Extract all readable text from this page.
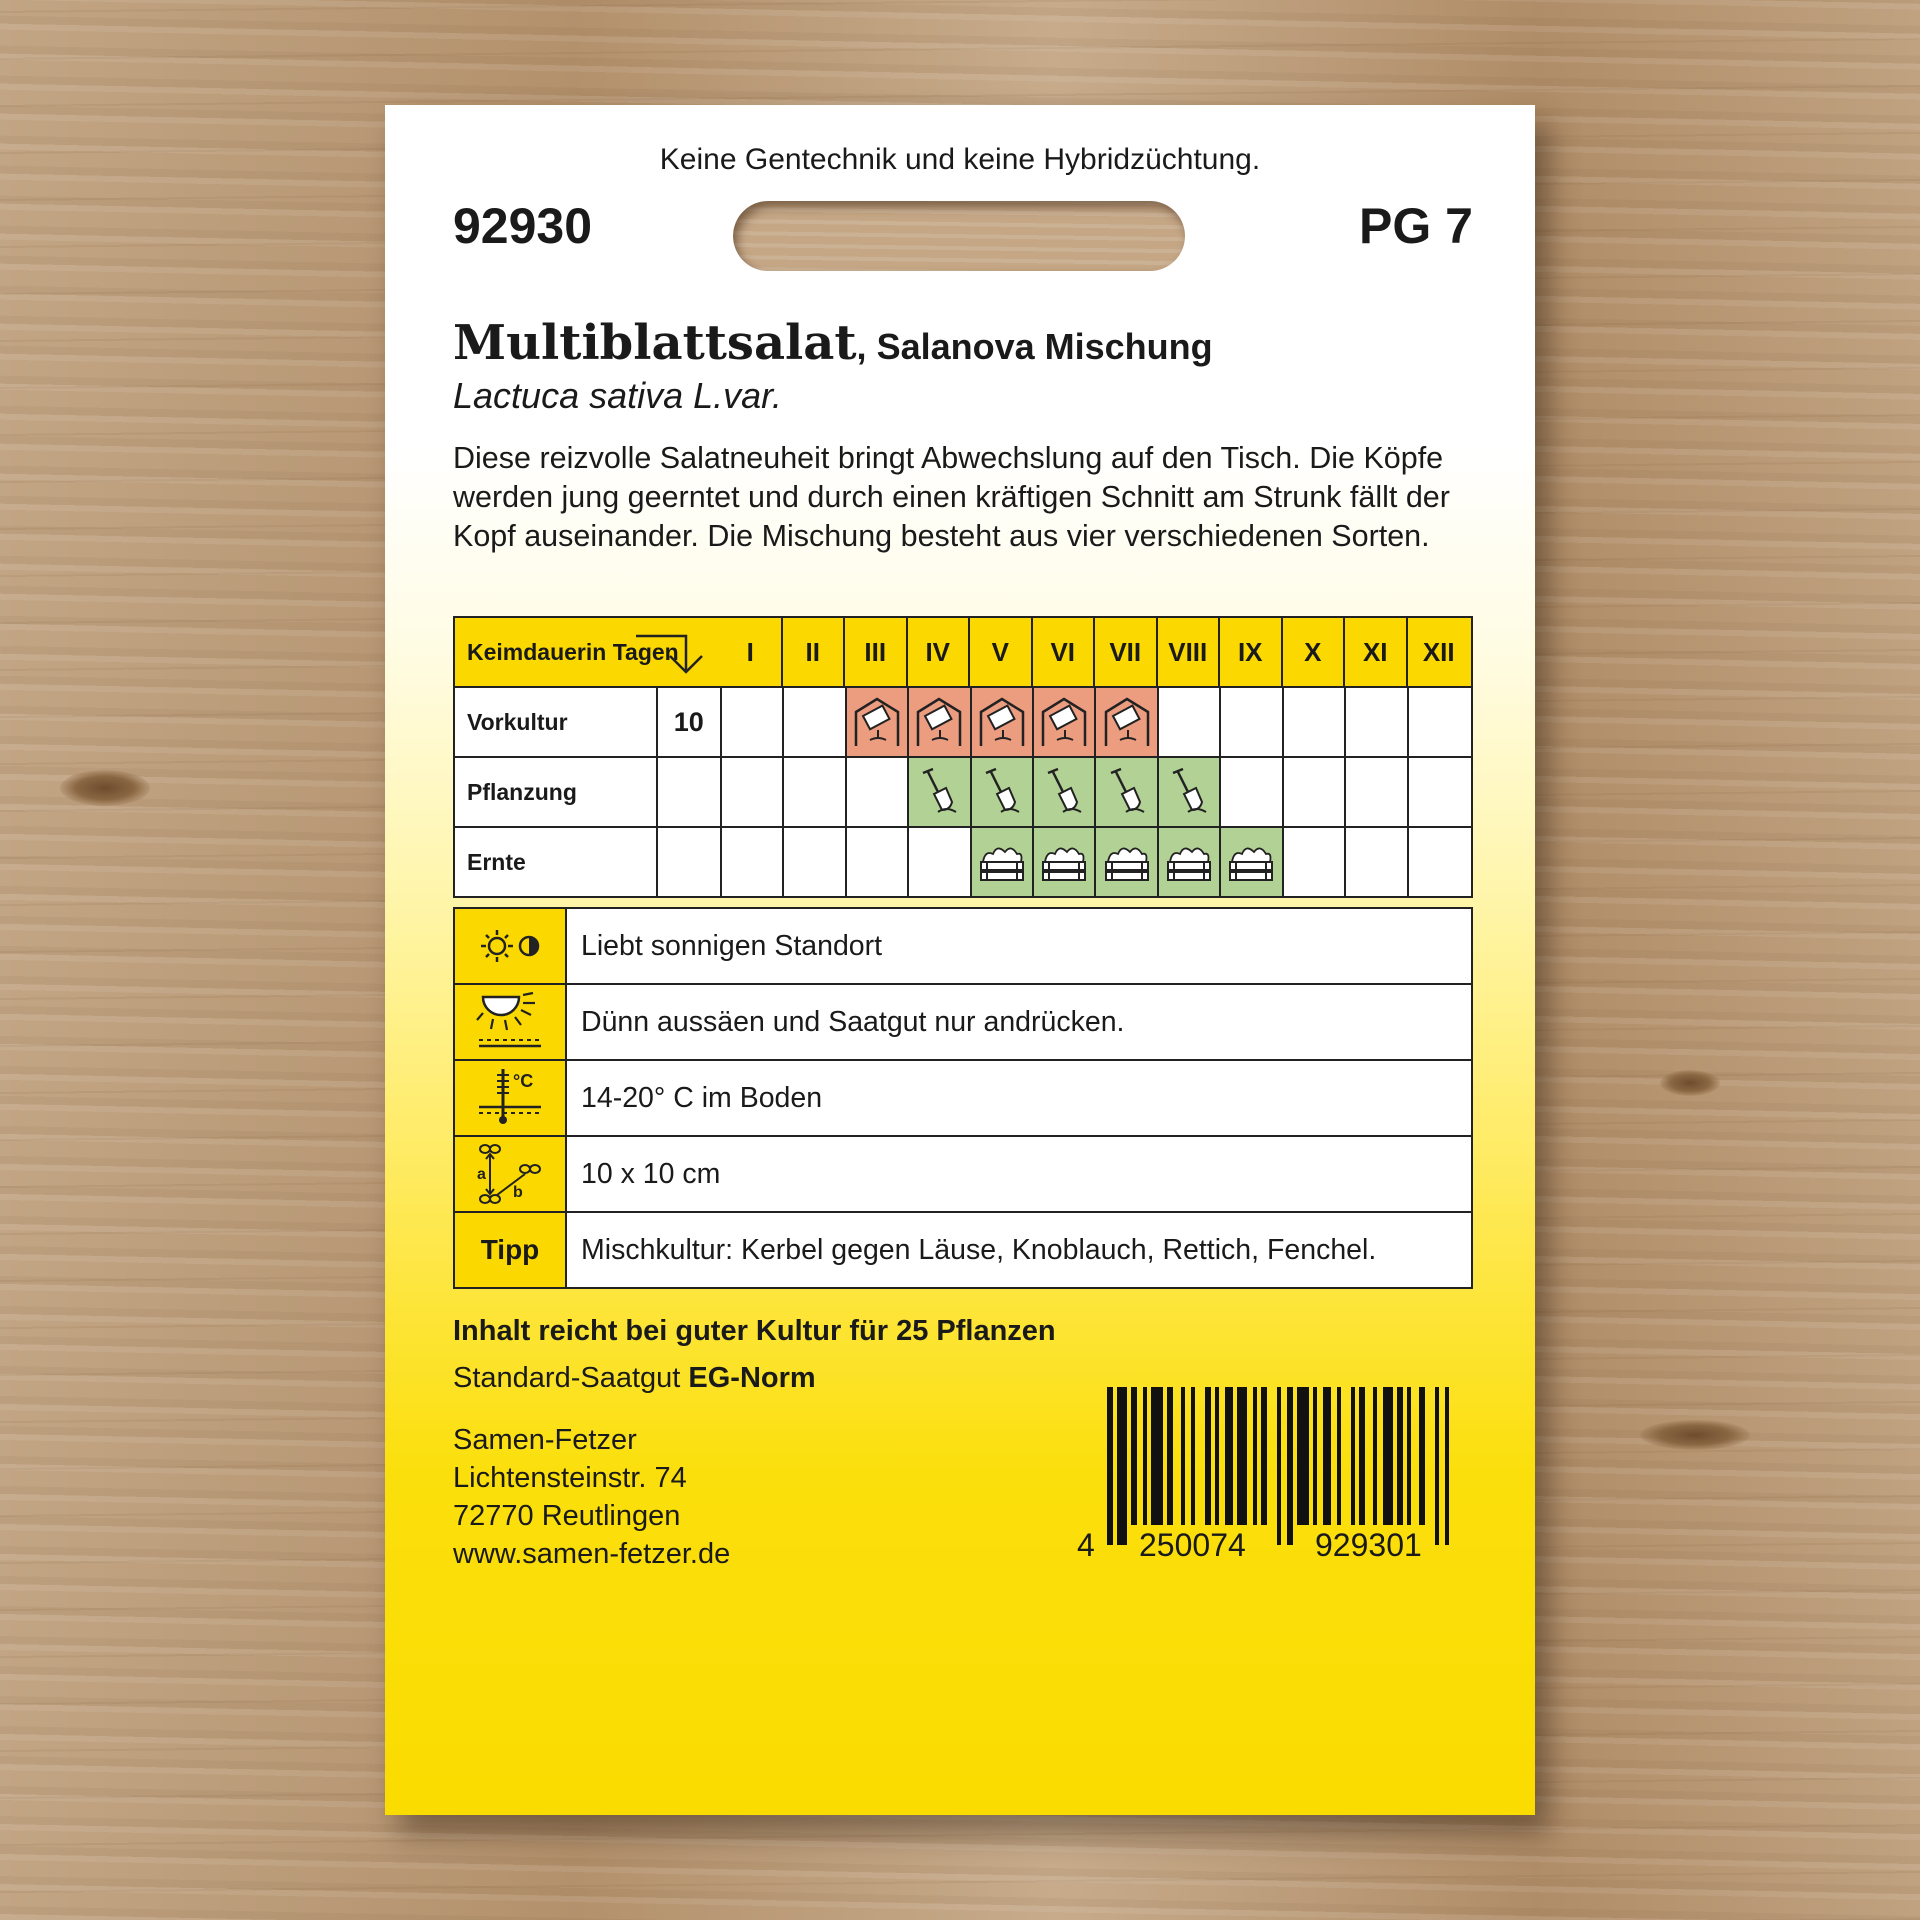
Keine Gentechnik und keine Hybridzüchtung.
92930	PG 7
Multiblattsalat, Salanova Mischung
Lactuca sativa L.var.
Diese reizvolle Salatneuheit bringt Abwechslung auf den Tisch. Die Köpfe werden jung geerntet und durch einen kräftigen Schnitt am Strunk fällt der Kopf auseinander. Die Mischung besteht aus vier verschiedenen Sorten.
Keimdauer in Tagen	I	II	III	IV	V	VI	VII	VIII	IX	X	XI	XII
Vorkultur	10
Pflanzung
Ernte
Liebt sonnigen Standort
Dünn aussäen und Saatgut nur andrücken.
°C
14-20° C im Boden
a
b
10 x 10 cm
Tipp	Mischkultur: Kerbel gegen Läuse, Knoblauch, Rettich, Fenchel.
Inhalt reicht bei guter Kultur für 25 Pflanzen
Standard-Saatgut EG-Norm
Samen-Fetzer
Lichtensteinstr. 74
72770 Reutlingen
www.samen-fetzer.de	4 250074 929301
